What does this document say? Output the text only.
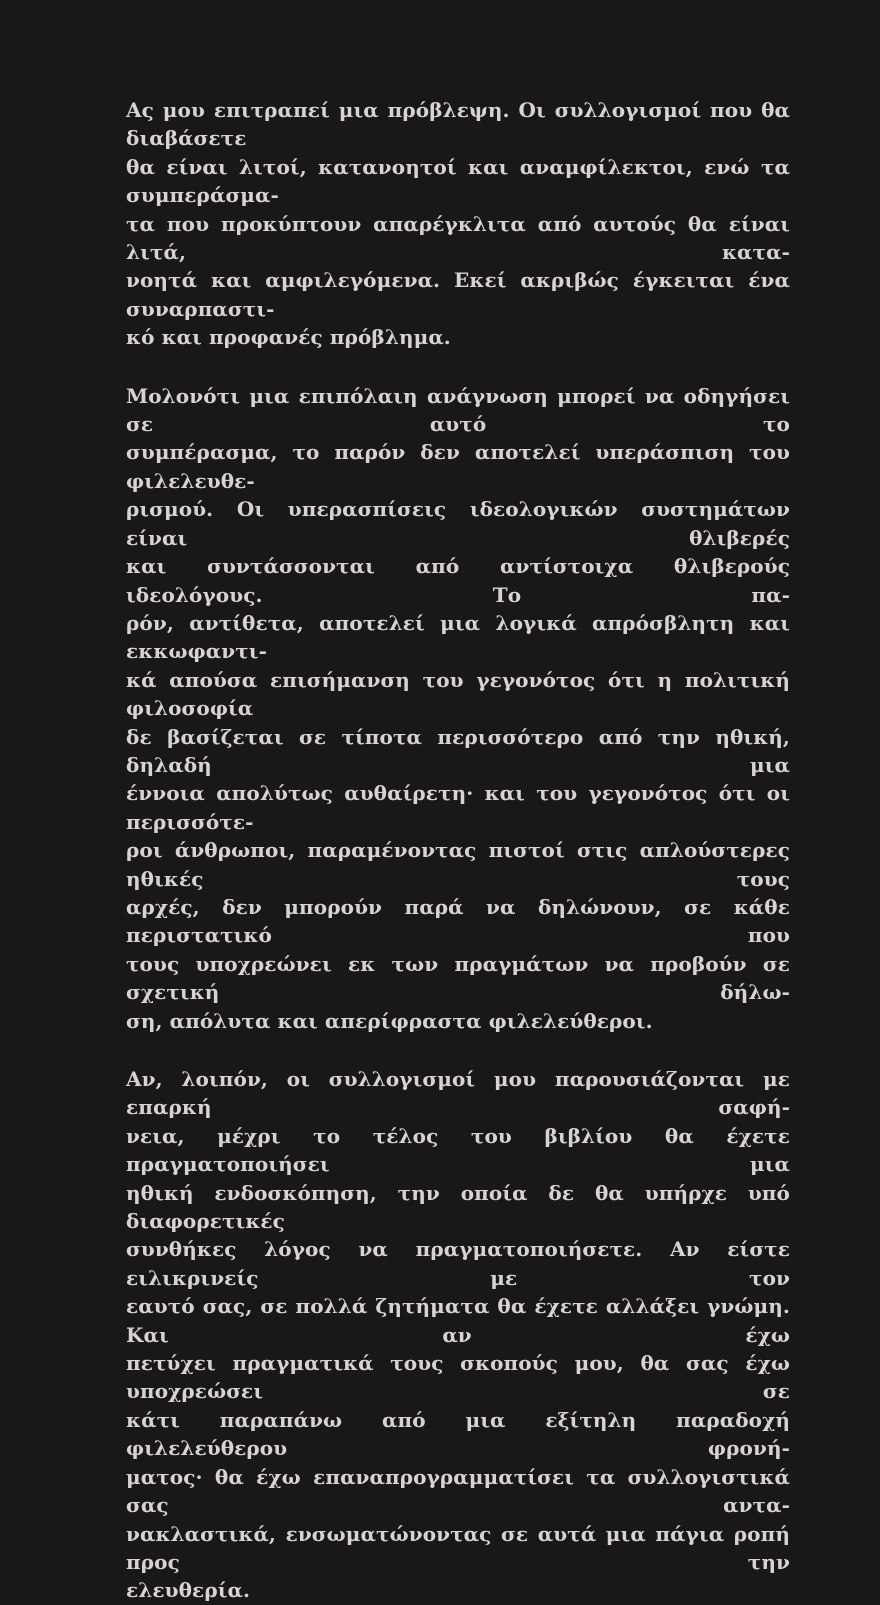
Ας μου επιτραπεί μια πρόβλεψη. Οι συλλογισμοί που θα διαβάσετε
θα είναι λιτοί, κατανοητοί και αναμφίλεκτοι, ενώ τα συμπεράσμα-
τα που προκύπτουν απαρέγκλιτα από αυτούς θα είναι λιτά, κατα-
νοητά και αμφιλεγόμενα. Εκεί ακριβώς έγκειται ένα συναρπαστι-
κό και προφανές πρόβλημα.
Μολονότι μια επιπόλαιη ανάγνωση μπορεί να οδηγήσει σε αυτό το
συμπέρασμα, το παρόν δεν αποτελεί υπεράσπιση του φιλελευθε-
ρισμού. Οι υπερασπίσεις ιδεολογικών συστημάτων είναι θλιβερές
και συντάσσονται από αντίστοιχα θλιβερούς ιδεολόγους. Το πα-
ρόν, αντίθετα, αποτελεί μια λογικά απρόσβλητη και εκκωφαντι-
κά απούσα επισήμανση του γεγονότος ότι η πολιτική φιλοσοφία
δε βασίζεται σε τίποτα περισσότερο από την ηθική, δηλαδή μια
έννοια απολύτως αυθαίρετη· και του γεγονότος ότι οι περισσότε-
ροι άνθρωποι, παραμένοντας πιστοί στις απλούστερες ηθικές τους
αρχές, δεν μπορούν παρά να δηλώνουν, σε κάθε περιστατικό που
τους υποχρεώνει εκ των πραγμάτων να προβούν σε σχετική δήλω-
ση, απόλυτα και απερίφραστα φιλελεύθεροι.
Αν, λοιπόν, οι συλλογισμοί μου παρουσιάζονται με επαρκή σαφή-
νεια, μέχρι το τέλος του βιβλίου θα έχετε πραγματοποιήσει μια
ηθική ενδοσκόπηση, την οποία δε θα υπήρχε υπό διαφορετικές
συνθήκες λόγος να πραγματοποιήσετε. Αν είστε ειλικρινείς με τον
εαυτό σας, σε πολλά ζητήματα θα έχετε αλλάξει γνώμη. Και αν έχω
πετύχει πραγματικά τους σκοπούς μου, θα σας έχω υποχρεώσει σε
κάτι παραπάνω από μια εξίτηλη παραδοχή φιλελεύθερου φρονή-
ματος· θα έχω επαναπρογραμματίσει τα συλλογιστικά σας αντα-
νακλαστικά, ενσωματώνοντας σε αυτά μια πάγια ροπή προς την
ελευθερία.
